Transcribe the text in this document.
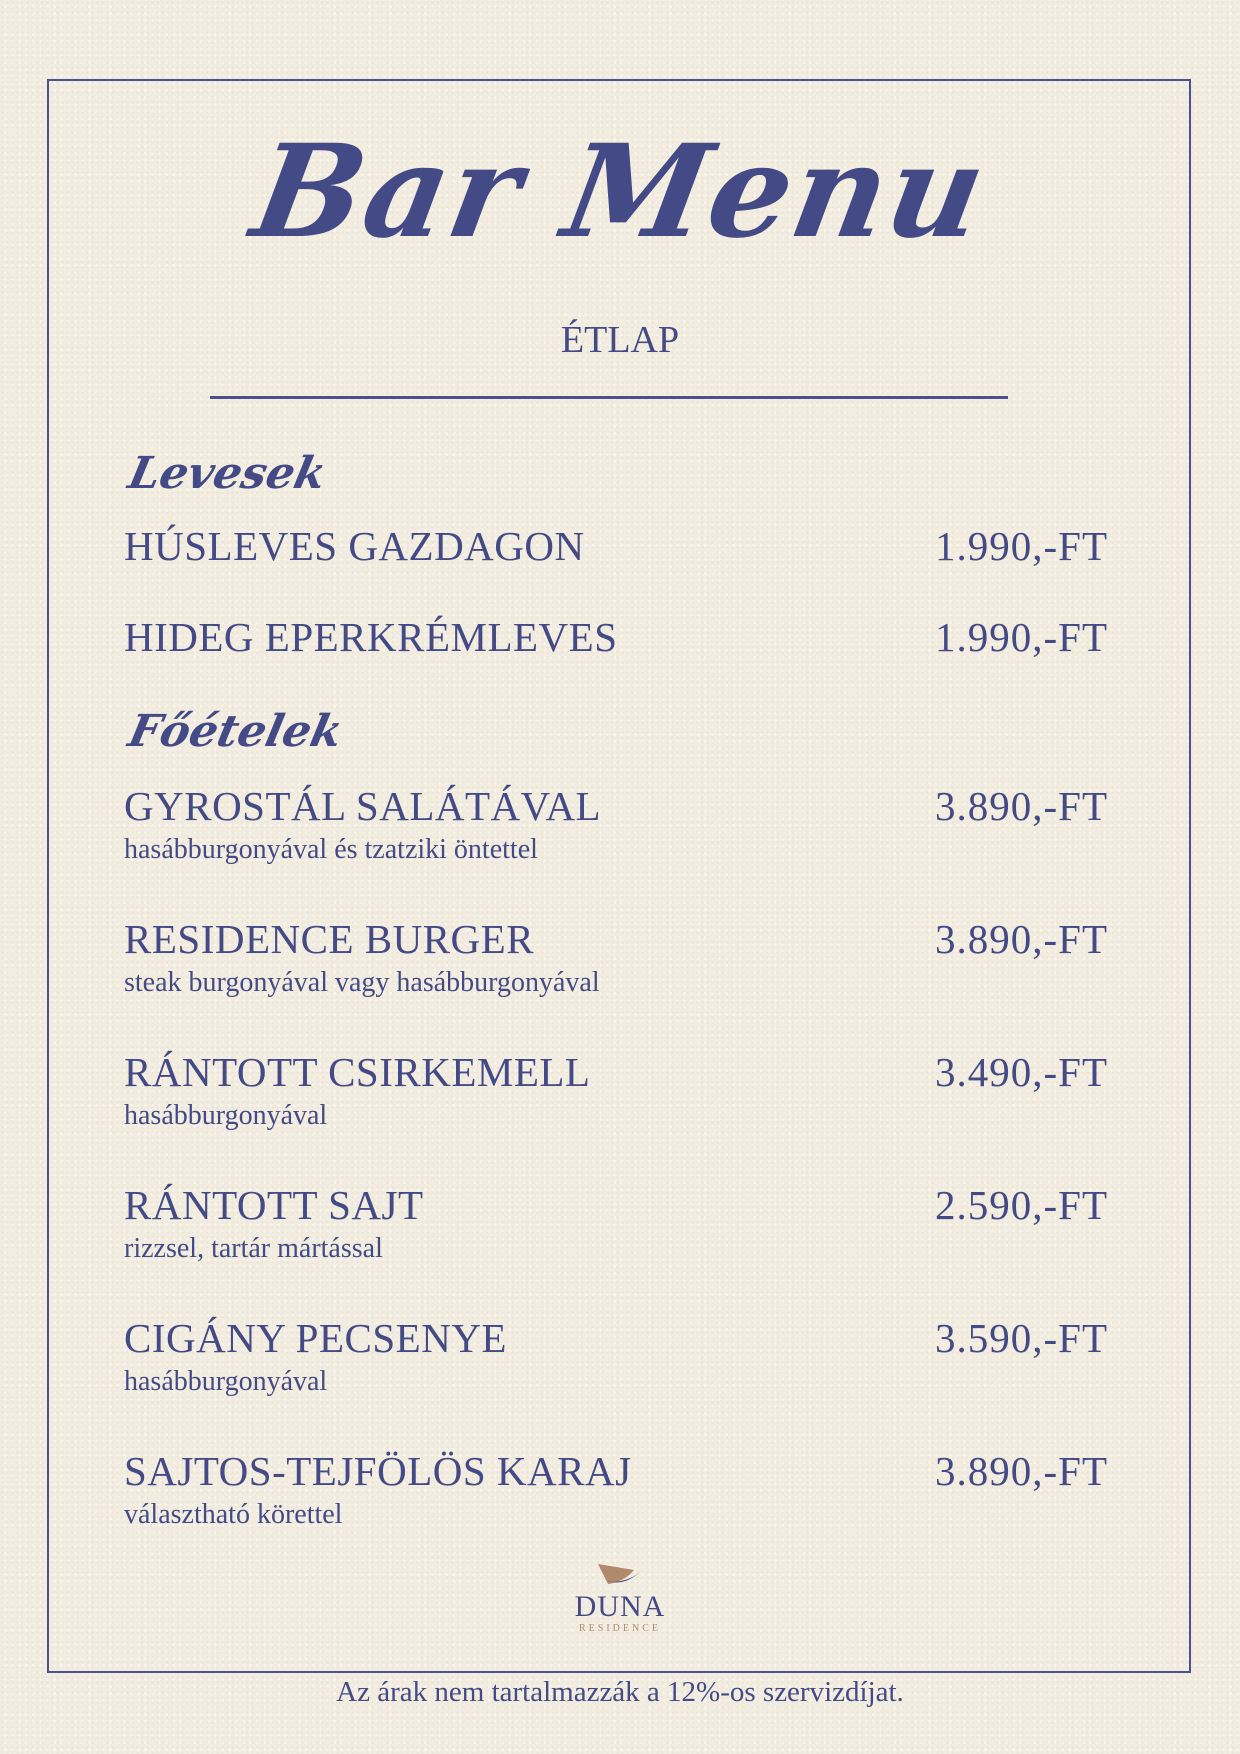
Bar Menu
ÉTLAP
Levesek
HÚSLEVES GAZDAGON	1.990,-FT
HIDEG EPERKRÉMLEVES	1.990,-FT
Főételek
GYROSTÁL SALÁTÁVAL	3.890,-FT
hasábburgonyával és tzatziki öntettel
RESIDENCE BURGER	3.890,-FT
steak burgonyával vagy hasábburgonyával
RÁNTOTT CSIRKEMELL	3.490,-FT
hasábburgonyával
RÁNTOTT SAJT	2.590,-FT
rizzsel, tartár mártással
CIGÁNY PECSENYE	3.590,-FT
hasábburgonyával
SAJTOS-TEJFÖLÖS KARAJ	3.890,-FT
választható körettel
DUNA
RESIDENCE
Az árak nem tartalmazzák a 12%-os szervizdíjat.
